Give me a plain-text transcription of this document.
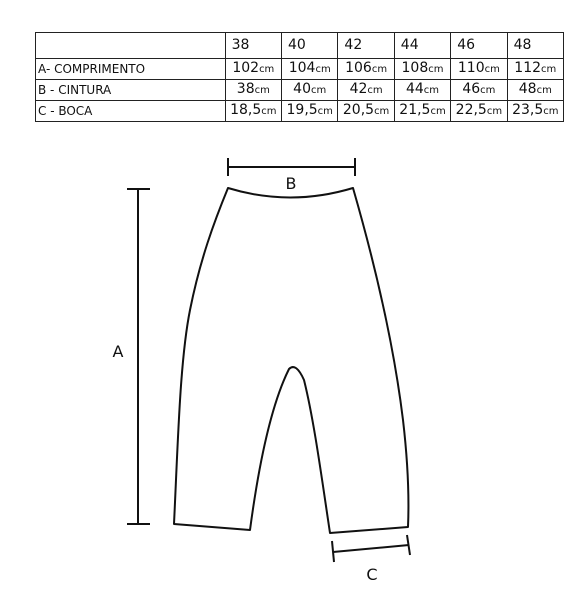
	38	40	42	44	46	48
A- COMPRIMENTO	102cm	104cm	106cm	108cm	110cm	112cm
B - CINTURA	38cm	40cm	42cm	44cm	46cm	48cm
C - BOCA	18,5cm	19,5cm	20,5cm	21,5cm	22,5cm	23,5cm
B
A
C
